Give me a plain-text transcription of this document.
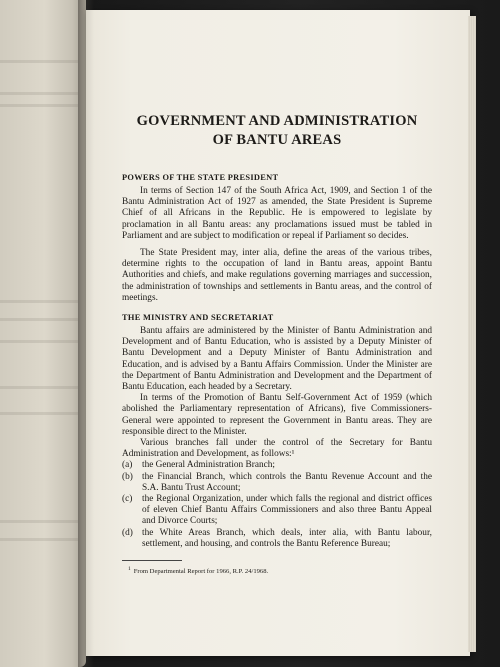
GOVERNMENT AND ADMINISTRATION
OF BANTU AREAS
POWERS OF THE STATE PRESIDENT

In terms of Section 147 of the South Africa Act, 1909, and Section 1 of the Bantu Administration Act of 1927 as amended, the State President is Supreme Chief of all Africans in the Republic. He is empowered to legislate by proclamation in all Bantu areas: any proclamations issued must be tabled in Parliament and are subject to modification or repeal if Parliament so decides.

The State President may, inter alia, define the areas of the various tribes, determine rights to the occupation of land in Bantu areas, appoint Bantu Authorities and chiefs, and make regulations governing marriages and succession, the administration of townships and settlements in Bantu areas, and the control of meetings.

THE MINISTRY AND SECRETARIAT

Bantu affairs are administered by the Minister of Bantu Administration and Development and of Bantu Education, who is assisted by a Deputy Minister of Bantu Development and a Deputy Minister of Bantu Administration and Education, and is advised by a Bantu Affairs Commission. Under the Minister are the Department of Bantu Administration and Development and the Department of Bantu Education, each headed by a Secretary.

In terms of the Promotion of Bantu Self-Government Act of 1959 (which abolished the Parliamentary representation of Africans), five Commissioners-General were appointed to represent the Government in Bantu areas. They are responsible direct to the Minister.

Various branches fall under the control of the Secretary for Bantu Administration and Development, as follows:¹

(a) the General Administration Branch;
(b) the Financial Branch, which controls the Bantu Revenue Account and the S.A. Bantu Trust Account;
(c) the Regional Organization, under which falls the regional and district offices of eleven Chief Bantu Affairs Commissioners and also three Bantu Appeal and Divorce Courts;
(d) the White Areas Branch, which deals, inter alia, with Bantu labour, settlement, and housing, and controls the Bantu Reference Bureau;

$^1$ From Departmental Report for 1966, R.P. 24/1968.
